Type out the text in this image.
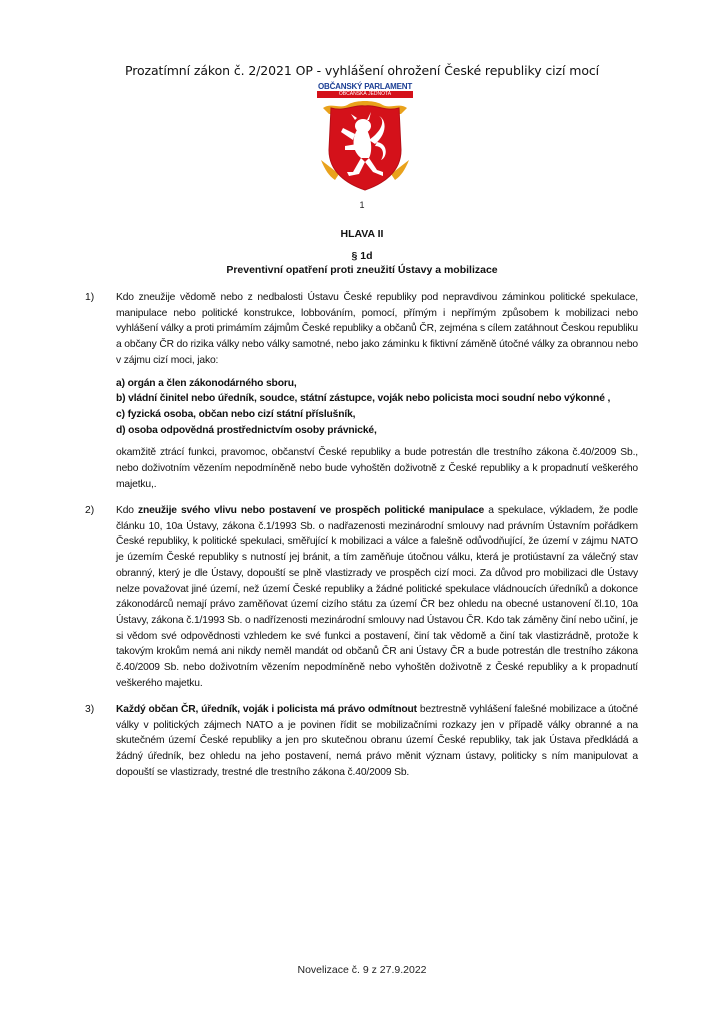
Prozatímní zákon č. 2/2021 OP - vyhlášení ohrožení České republiky cizí mocí
OBČANSKÝ PARLAMENT
OBČANSKÁ JEDNOTA
1
HLAVA II
§ 1d
Preventivní opatření proti zneužití Ústavy a mobilizace
1)	Kdo zneužije vědomě nebo z nedbalosti Ústavu České republiky pod nepravdivou záminkou politické spekulace, manipulace nebo politické konstrukce, lobbováním, pomocí, přímým i nepřímým způsobem k mobilizaci nebo vyhlášení války a proti primámím zájmům České republiky a občanů ČR, zejména s cílem zatáhnout Českou republiku a občany ČR do rizika války nebo války samotné, nebo jako záminku k fiktivní záměně útočné války za obrannou nebo v zájmu cizí moci, jako:
a) orgán a člen zákonodárného sboru,
b) vládní činitel nebo úředník, soudce, státní zástupce, voják nebo policista moci soudní nebo výkonné ,
c) fyzická osoba, občan nebo cizí státní příslušník,
d) osoba odpovědná prostřednictvím osoby právnické,
okamžitě ztrácí funkci, pravomoc, občanství České republiky a bude potrestán dle trestního zákona č.40/2009 Sb., nebo doživotním vězením nepodmíněně nebo bude vyhoštěn doživotně z České republiky a k propadnutí veškerého majetku,.
2)	Kdo zneužije svého vlivu nebo postavení ve prospěch politické manipulace a spekulace, výkladem, že podle článku 10, 10a Ústavy, zákona č.1/1993 Sb. o nadřazenosti mezinárodní smlouvy nad právním Ústavním pořádkem České republiky, k politické spekulaci, směřující k mobilizaci a válce a falešně odůvodňující, že území v zájmu NATO je územím České republiky s nutností jej bránit, a tím zaměňuje útočnou válku, která je protiústavní za válečný stav obranný, který je dle Ústavy, dopouští se plně vlastizrady ve prospěch cizí moci. Za důvod pro mobilizaci dle Ústavy nelze považovat jiné území, než území České republiky a žádné politické spekulace vládnoucích úředníků a dokonce zákonodárců nemají právo zaměňovat území cizího státu za území ČR bez ohledu na obecné ustanovení čl.10, 10a Ústavy, zákona č.1/1993 Sb. o nadřízenosti mezinárodní smlouvy nad Ústavou ČR. Kdo tak záměny činí nebo učiní, je si vědom své odpovědnosti vzhledem ke své funkci a postavení, činí tak vědomě a činí tak vlastizrádně, protože k takovým krokům nemá ani nikdy neměl mandát od občanů ČR ani Ústavy ČR a bude potrestán dle trestního zákona č.40/2009 Sb. nebo doživotním vězením nepodmíněně nebo vyhoštěn doživotně z České republiky a k propadnutí veškerého majetku.
3)	Každý občan ČR, úředník, voják i policista má právo odmítnout beztrestně vyhlášení falešné mobilizace a útočné války v politických zájmech NATO a je povinen řídit se mobilizačními rozkazy jen v případě války obranné a na skutečném území České republiky a jen pro skutečnou obranu území České republiky, tak jak Ústava předkládá a žádný úředník, bez ohledu na jeho postavení, nemá právo měnit význam ústavy, politicky s ním manipulovat a dopouští se vlastizrady, trestné dle trestního zákona č.40/2009 Sb.
Novelizace č. 9 z 27.9.2022
